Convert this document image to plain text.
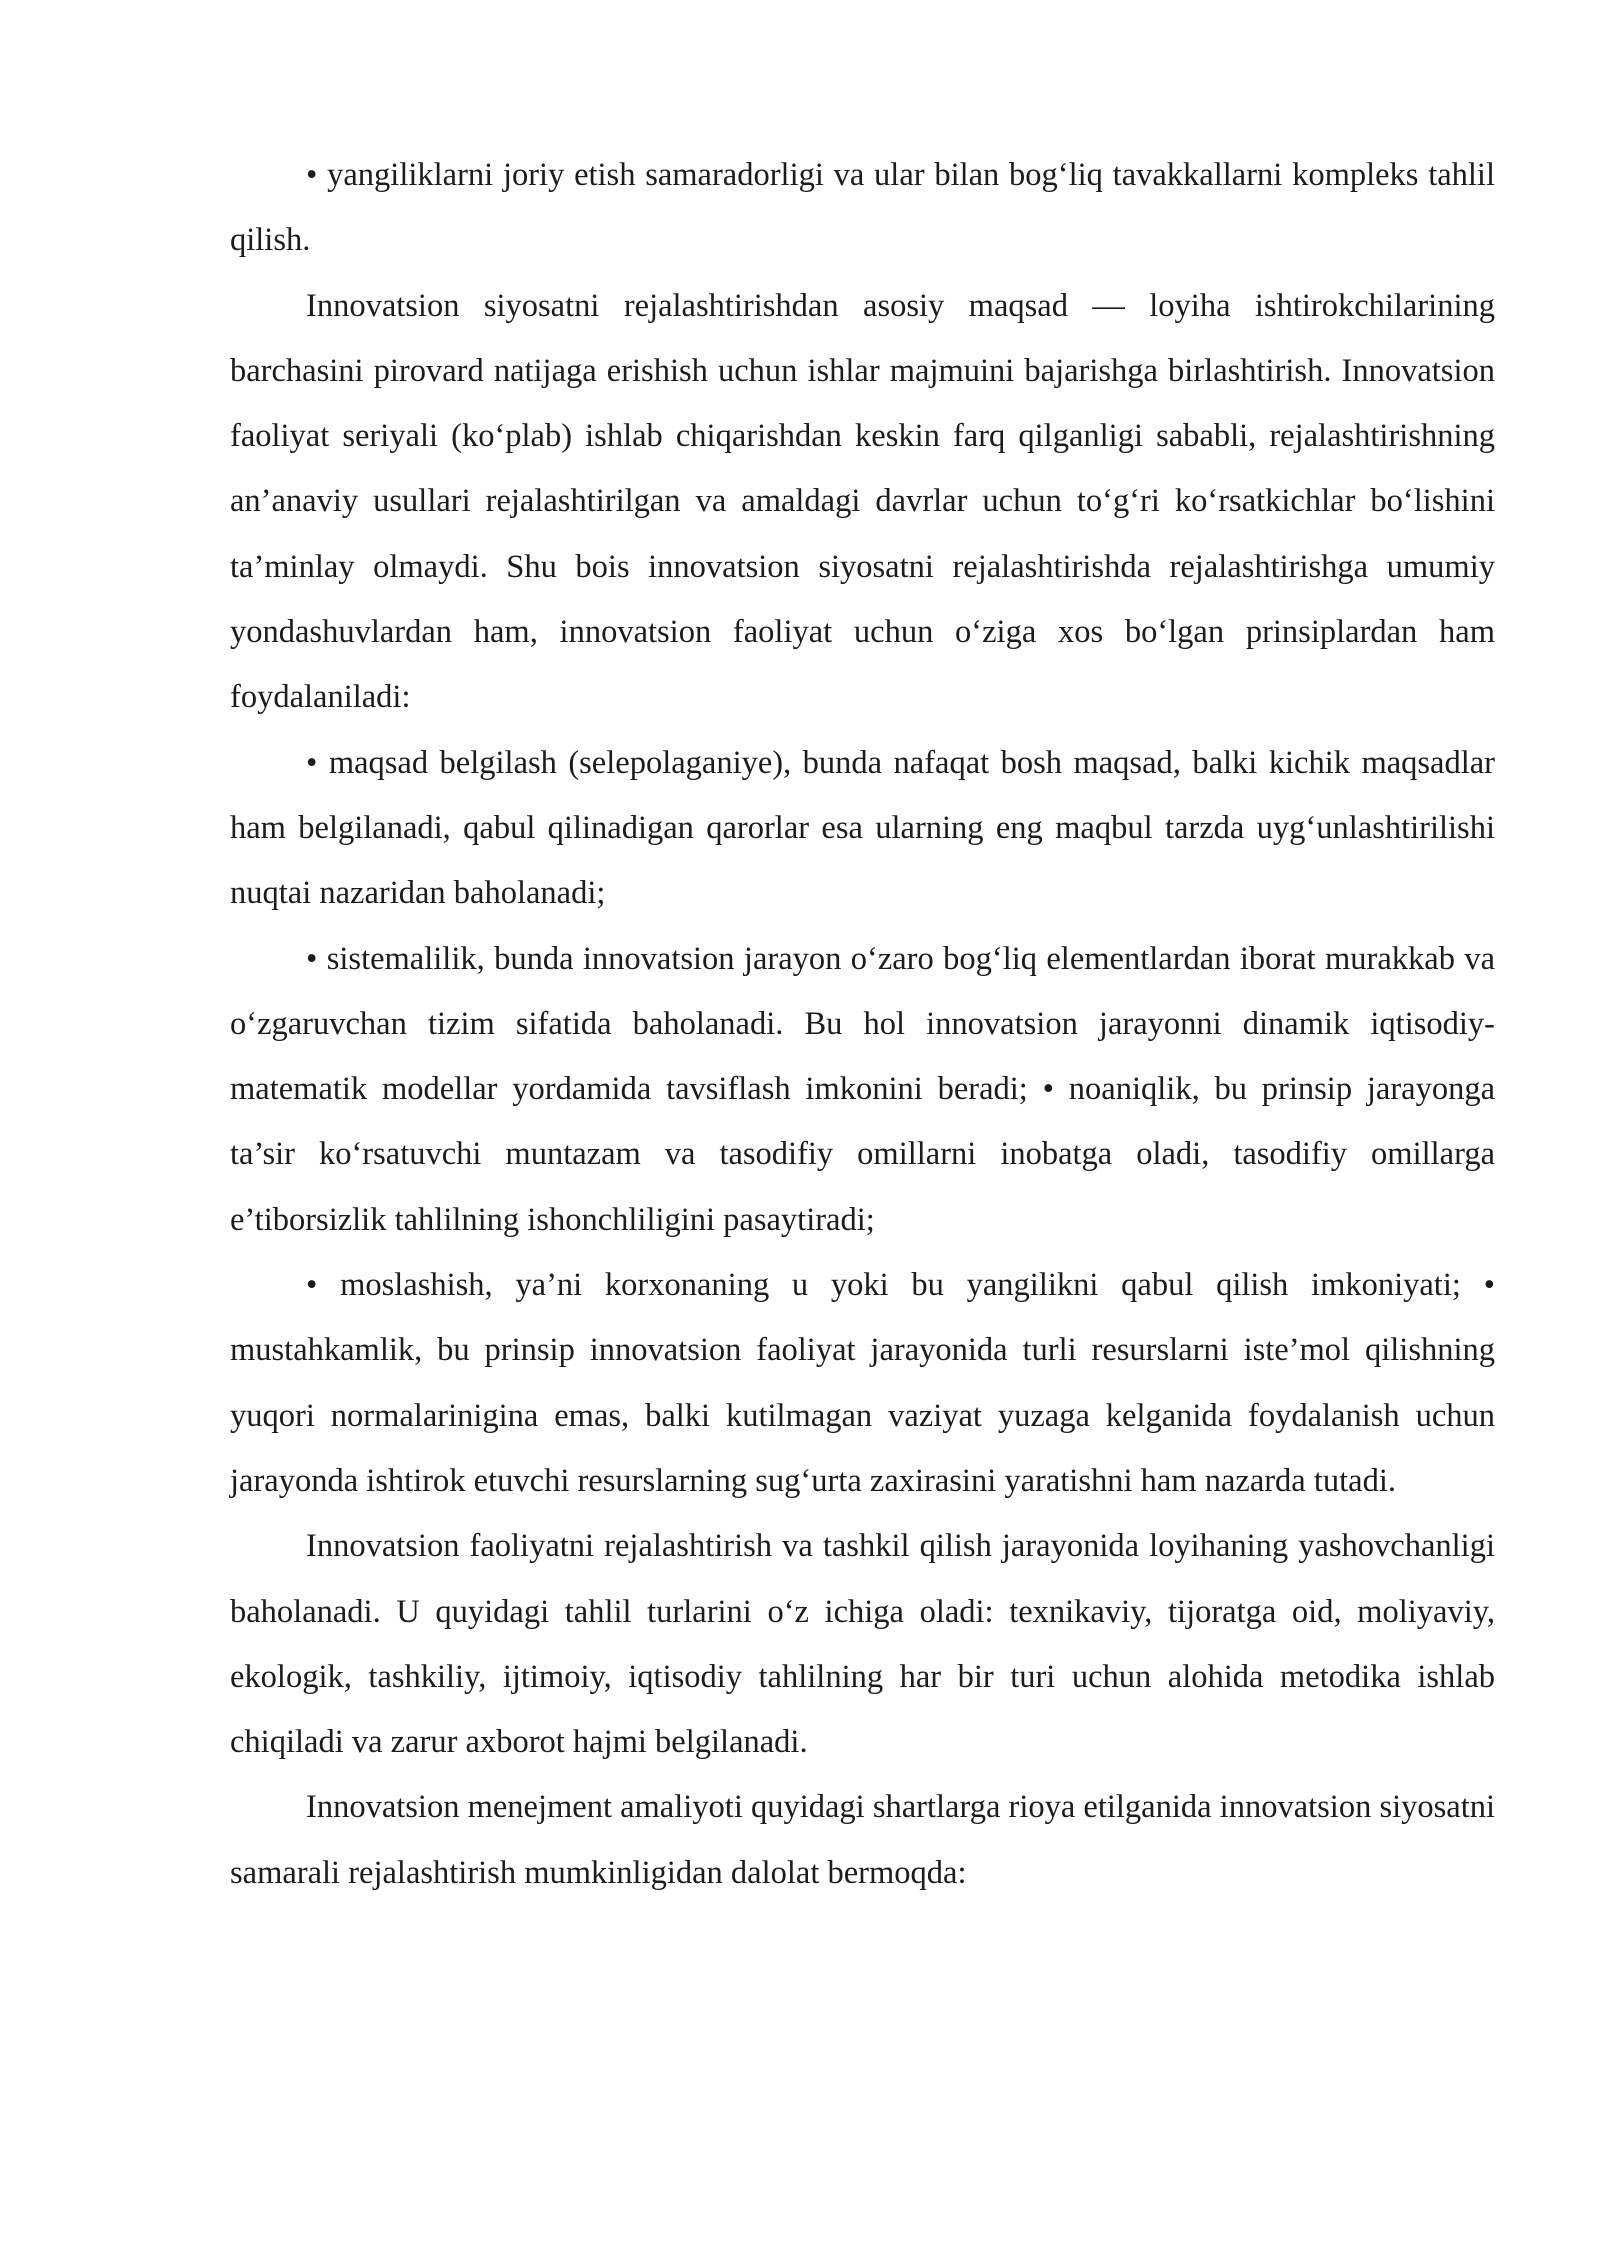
• yangiliklarni joriy etish samaradorligi va ular bilan bog‘liq tavakkallarni kompleks tahlil qilish.

Innovatsion siyosatni rejalashtirishdan asosiy maqsad — loyiha ishtirokchilarining barchasini pirovard natijaga erishish uchun ishlar majmuini bajarishga birlashtirish. Innovatsion faoliyat seriyali (ko‘plab) ishlab chiqarishdan keskin farq qilganligi sababli, rejalashtirishning an’anaviy usullari rejalashtirilgan va amaldagi davrlar uchun to‘g‘ri ko‘rsatkichlar bo‘lishini ta’minlay olmaydi. Shu bois innovatsion siyosatni rejalashtirishda rejalashtirishga umumiy yondashuvlardan ham, innovatsion faoliyat uchun o‘ziga xos bo‘lgan prinsiplardan ham foydalaniladi:

• maqsad belgilash (selepolaganiye), bunda nafaqat bosh maqsad, balki kichik maqsadlar ham belgilanadi, qabul qilinadigan qarorlar esa ularning eng maqbul tarzda uyg‘unlashtirilishi nuqtai nazaridan baholanadi;

• sistemalilik, bunda innovatsion jarayon o‘zaro bog‘liq elementlardan iborat murakkab va o‘zgaruvchan tizim sifatida baholanadi. Bu hol innovatsion jarayonni dinamik iqtisodiy-matematik modellar yordamida tavsiflash imkonini beradi; • noaniqlik, bu prinsip jarayonga ta’sir ko‘rsatuvchi muntazam va tasodifiy omillarni inobatga oladi, tasodifiy omillarga e’tiborsizlik tahlilning ishonchliligini pasaytiradi;

• moslashish, ya’ni korxonaning u yoki bu yangilikni qabul qilish imkoniyati; • mustahkamlik, bu prinsip innovatsion faoliyat jarayonida turli resurslarni iste’mol qilishning yuqori normalarinigina emas, balki kutilmagan vaziyat yuzaga kelganida foydalanish uchun jarayonda ishtirok etuvchi resurslarning sug‘urta zaxirasini yaratishni ham nazarda tutadi.

Innovatsion faoliyatni rejalashtirish va tashkil qilish jarayonida loyihaning yashovchanligi baholanadi. U quyidagi tahlil turlarini o‘z ichiga oladi: texnikaviy, tijoratga oid, moliyaviy, ekologik, tashkiliy, ijtimoiy, iqtisodiy tahlilning har bir turi uchun alohida metodika ishlab chiqiladi va zarur axborot hajmi belgilanadi.

Innovatsion menejment amaliyoti quyidagi shartlarga rioya etilganida innovatsion siyosatni samarali rejalashtirish mumkinligidan dalolat bermoqda:
